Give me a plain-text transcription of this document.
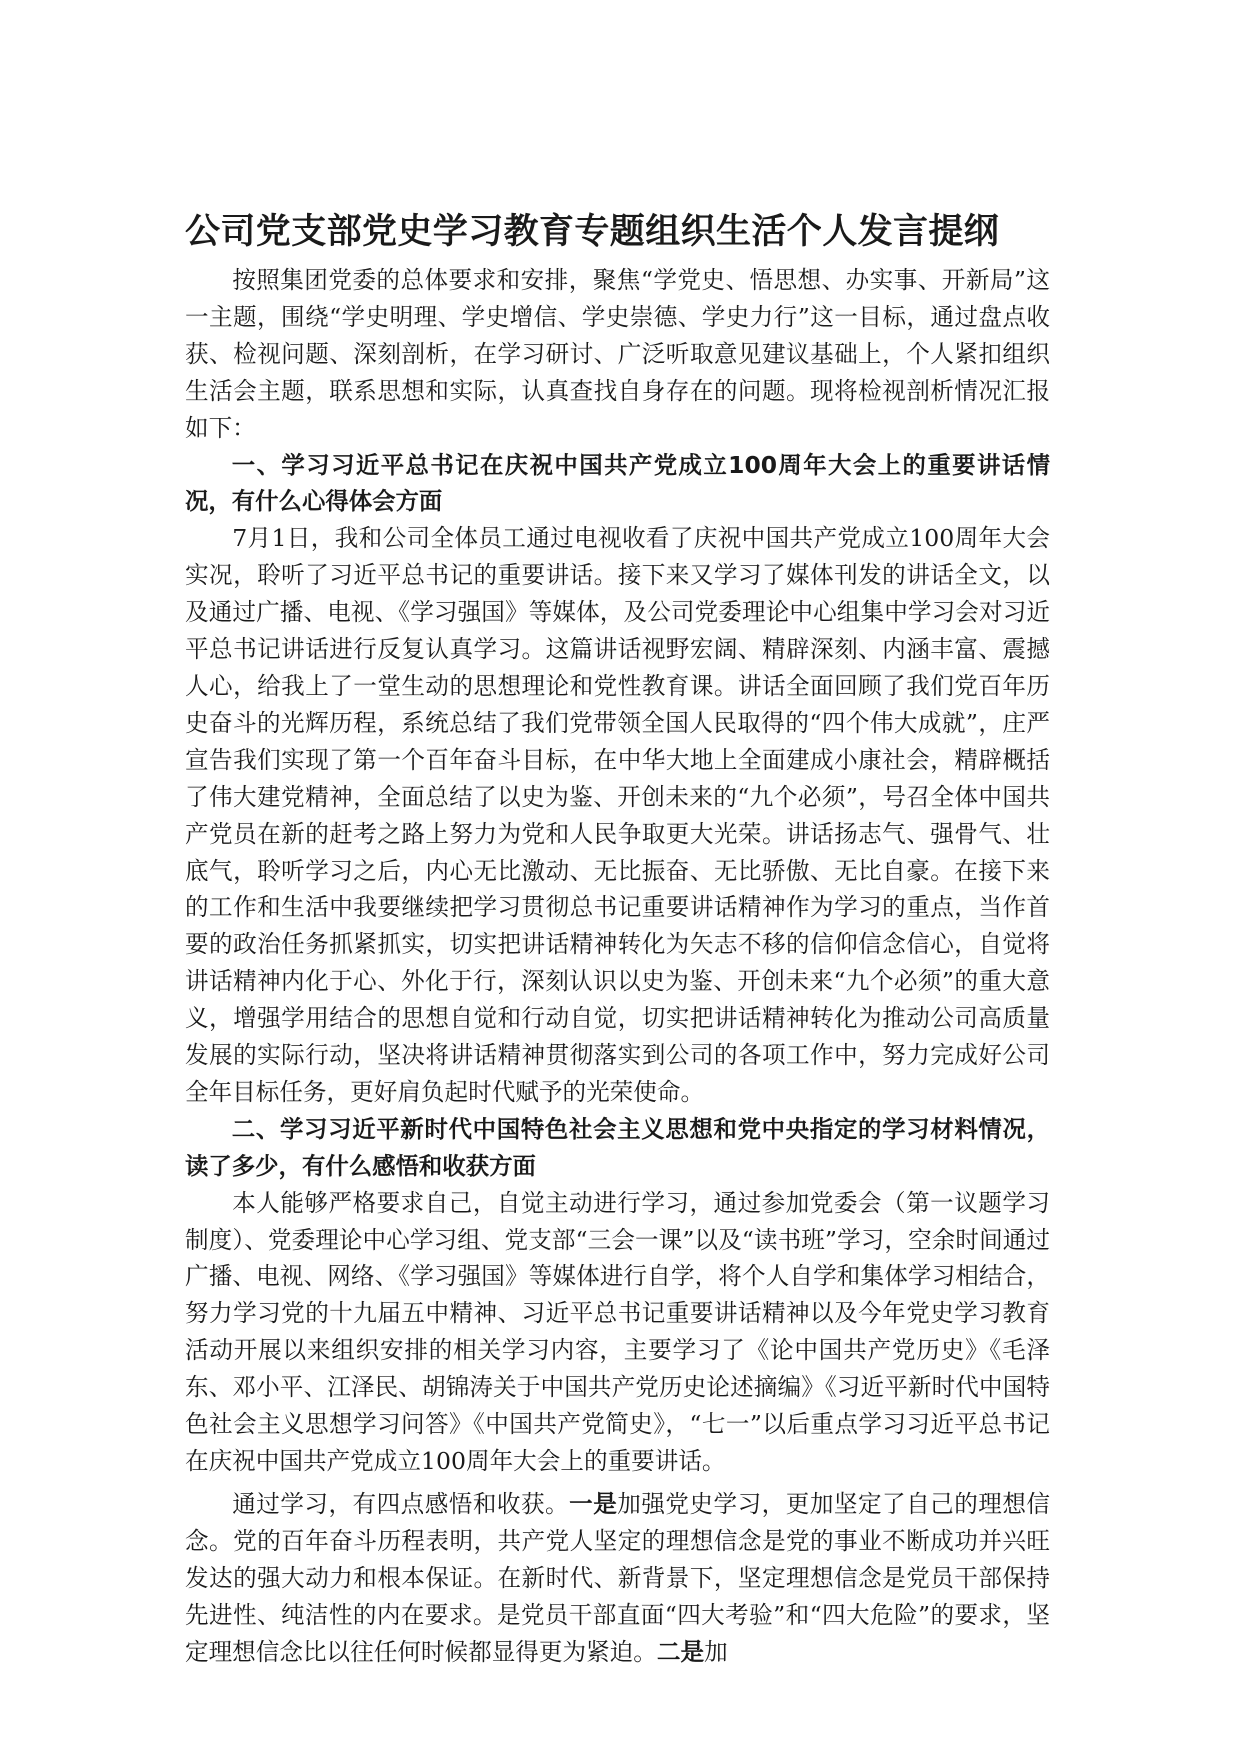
公司党支部党史学习教育专题组织生活个人发言提纲

按照集团党委的总体要求和安排，聚焦“学党史、悟思想、办实事、开新局”这一主题，围绕“学史明理、学史增信、学史崇德、学史力行”这一目标，通过盘点收获、检视问题、深刻剖析，在学习研讨、广泛听取意见建议基础上，个人紧扣组织生活会主题，联系思想和实际，认真查找自身存在的问题。现将检视剖析情况汇报如下：

一、学习习近平总书记在庆祝中国共产党成立100周年大会上的重要讲话情况，有什么心得体会方面

7月1日，我和公司全体员工通过电视收看了庆祝中国共产党成立100周年大会实况，聆听了习近平总书记的重要讲话。接下来又学习了媒体刊发的讲话全文，以及通过广播、电视、《学习强国》等媒体，及公司党委理论中心组集中学习会对习近平总书记讲话进行反复认真学习。这篇讲话视野宏阔、精辟深刻、内涵丰富、震撼人心，给我上了一堂生动的思想理论和党性教育课。讲话全面回顾了我们党百年历史奋斗的光辉历程，系统总结了我们党带领全国人民取得的“四个伟大成就”，庄严宣告我们实现了第一个百年奋斗目标，在中华大地上全面建成小康社会，精辟概括了伟大建党精神，全面总结了以史为鉴、开创未来的“九个必须”，号召全体中国共产党员在新的赶考之路上努力为党和人民争取更大光荣。讲话扬志气、强骨气、壮底气，聆听学习之后，内心无比激动、无比振奋、无比骄傲、无比自豪。在接下来的工作和生活中我要继续把学习贯彻总书记重要讲话精神作为学习的重点，当作首要的政治任务抓紧抓实，切实把讲话精神转化为矢志不移的信仰信念信心，自觉将讲话精神内化于心、外化于行，深刻认识以史为鉴、开创未来“九个必须”的重大意义，增强学用结合的思想自觉和行动自觉，切实把讲话精神转化为推动公司高质量发展的实际行动，坚决将讲话精神贯彻落实到公司的各项工作中，努力完成好公司全年目标任务，更好肩负起时代赋予的光荣使命。

二、学习习近平新时代中国特色社会主义思想和党中央指定的学习材料情况，读了多少，有什么感悟和收获方面

本人能够严格要求自己，自觉主动进行学习，通过参加党委会（第一议题学习制度）、党委理论中心学习组、党支部“三会一课”以及“读书班”学习，空余时间通过广播、电视、网络、《学习强国》等媒体进行自学，将个人自学和集体学习相结合，努力学习党的十九届五中精神、习近平总书记重要讲话精神以及今年党史学习教育活动开展以来组织安排的相关学习内容，主要学习了《论中国共产党历史》《毛泽东、邓小平、江泽民、胡锦涛关于中国共产党历史论述摘编》《习近平新时代中国特色社会主义思想学习问答》《中国共产党简史》，“七一”以后重点学习习近平总书记在庆祝中国共产党成立100周年大会上的重要讲话。

通过学习，有四点感悟和收获。一是加强党史学习，更加坚定了自己的理想信念。党的百年奋斗历程表明，共产党人坚定的理想信念是党的事业不断成功并兴旺发达的强大动力和根本保证。在新时代、新背景下，坚定理想信念是党员干部保持先进性、纯洁性的内在要求。是党员干部直面“四大考验”和“四大危险”的要求，坚定理想信念比以往任何时候都显得更为紧迫。二是加
